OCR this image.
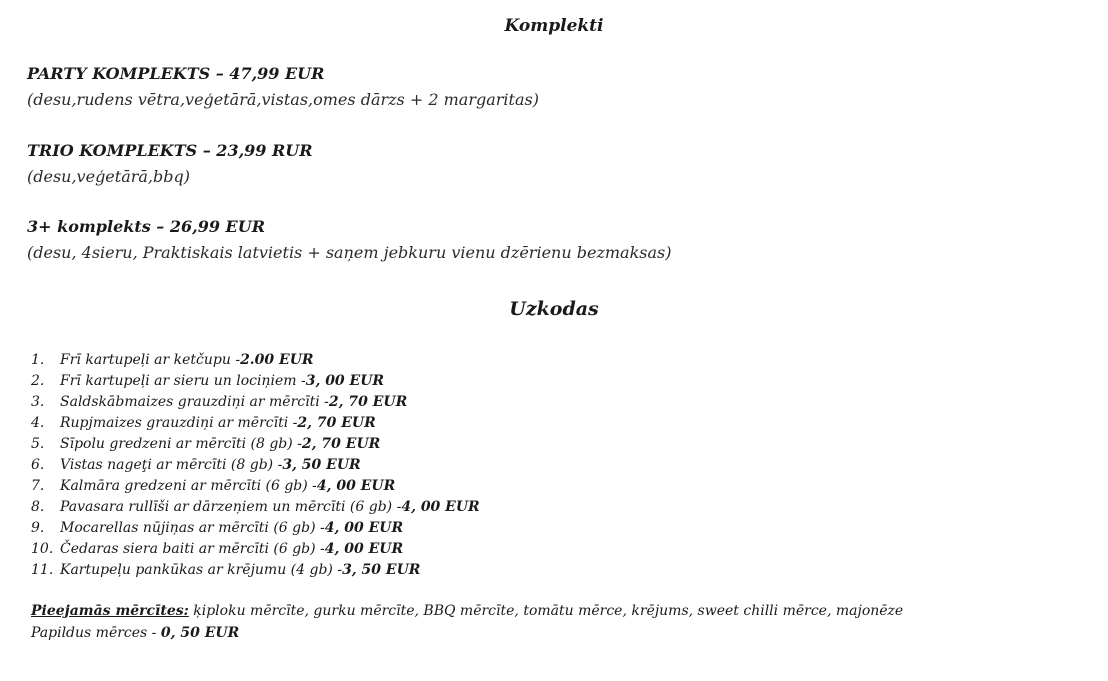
Komplekti
PARTY KOMPLEKTS – 47,99 EUR
(desu,rudens vētra,veģetārā,vistas,omes dārzs + 2 margaritas)
TRIO KOMPLEKTS – 23,99 RUR
(desu,veģetārā,bbq)
3+ komplekts – 26,99 EUR
(desu, 4sieru, Praktiskais latvietis + saņem jebkuru vienu dzērienu bezmaksas)
Uzkodas
1.	Frī kartupeļi ar ketčupu - 2.00 EUR
2.	Frī kartupeļi ar sieru un lociņiem - 3, 00 EUR
3.	Saldskābmaizes grauzdiņi ar mērcīti - 2, 70 EUR
4.	Rupjmaizes grauzdiņi ar mērcīti - 2, 70 EUR
5.	Sīpolu gredzeni ar mērcīti (8 gb) - 2, 70 EUR
6.	Vistas nageţi ar mērcīti (8 gb) - 3, 50 EUR
7.	Kalmāra gredzeni ar mērcīti (6 gb) - 4, 00 EUR
8.	Pavasara rullīši ar dārzeņiem un mērcīti (6 gb) - 4, 00 EUR
9.	Mocarellas nūjiņas ar mērcīti (6 gb) - 4, 00 EUR
10. Čedaras siera baiti ar mērcīti (6 gb) - 4, 00 EUR
11. Kartupeļu pankūkas ar krējumu (4 gb) - 3, 50 EUR
Pieejamās mērcītes: ķiploku mērcīte, gurku mērcīte, BBQ mērcīte, tomātu mērce, krējums, sweet chilli mērce, majonēze
Papildus mērces - 0, 50 EUR
